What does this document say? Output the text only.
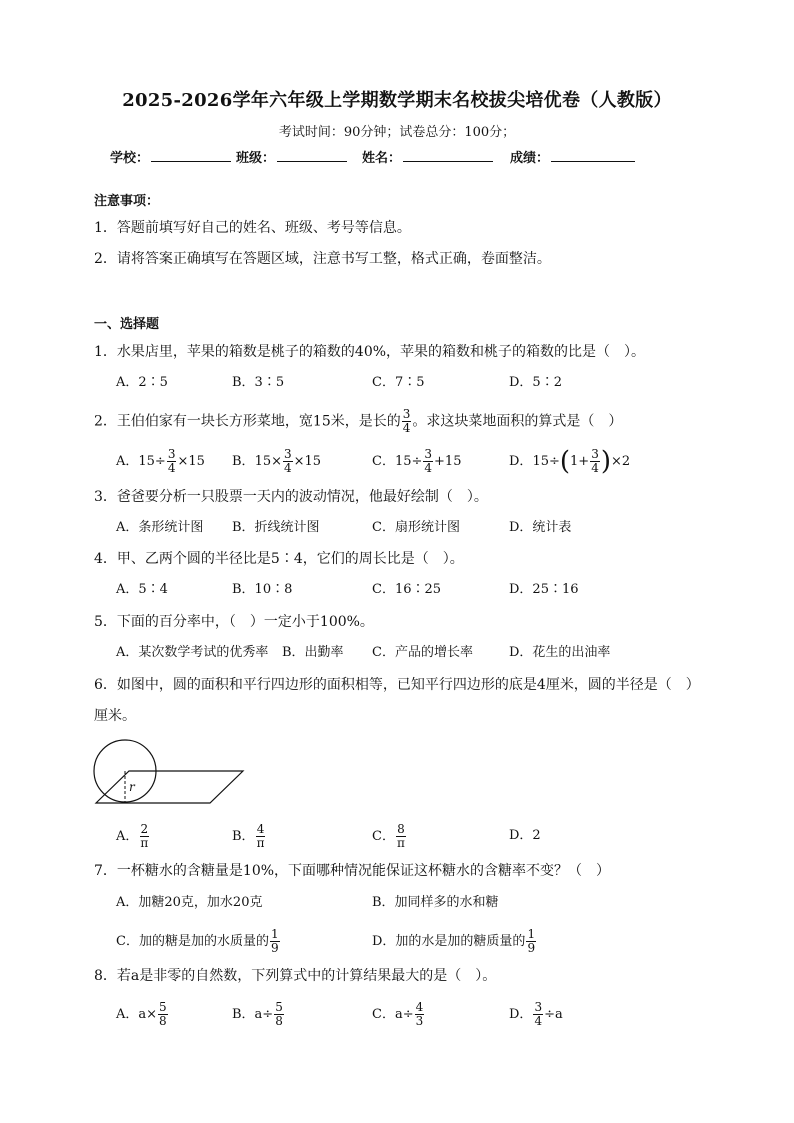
2025-2026学年六年级上学期数学期末名校拔尖培优卷（人教版）
考试时间：90分钟；试卷总分：100分；
学校：	班级：	姓名：	成绩：
注意事项：
1．答题前填写好自己的姓名、班级、考号等信息。
2．请将答案正确填写在答题区域，注意书写工整，格式正确，卷面整洁。
一、选择题
1．水果店里，苹果的箱数是桃子的箱数的40%，苹果的箱数和桃子的箱数的比是（　）。
A．2∶5	B．3∶5	C．7∶5	D．5∶2
2．王伯伯家有一块长方形菜地，宽15米，是长的 $\frac{3}{4}$ 。求这块菜地面积的算式是（　）
A．$15\div \frac{3}{4} \times 15$ B．$15\times \frac{3}{4} \times 15$	C．$15\div \frac{3}{4} +15$	D．$15\div(1+ \frac{3}{4} )\times 2$
3．爸爸要分析一只股票一天内的波动情况，他最好绘制（　）。
A．条形统计图 B．折线统计图	C．扇形统计图	D．统计表
4．甲、乙两个圆的半径比是5∶4，它们的周长比是（　）。
A．5∶4	B．10∶8	C．16∶25	D．25∶16
5．下面的百分率中，（　）一定小于100%。
A．某次数学考试的优秀率 B．出勤率 C．产品的增长率	D．花生的出油率
6．如图中，圆的面积和平行四边形的面积相等，已知平行四边形的底是4厘米，圆的半径是（　）
厘米。
r
A． $\frac{2}{\pi}$	B． $\frac{4}{\pi}$	C． $\frac{8}{\pi}$	D．2
7．一杯糖水的含糖量是10%，下面哪种情况能保证这杯糖水的含糖率不变？（　）
A．加糖20克，加水20克	B．加同样多的水和糖
C．加的糖是加的水质量的 $\frac{1}{9}$	D．加的水是加的糖质量的 $\frac{1}{9}$
8．若a是非零的自然数，下列算式中的计算结果最大的是（　）。
A．$a\times \frac{5}{8}$	B．$a\div \frac{5}{8}$	C．$a\div \frac{4}{3}$	D． $\frac{3}{4} \div a$
